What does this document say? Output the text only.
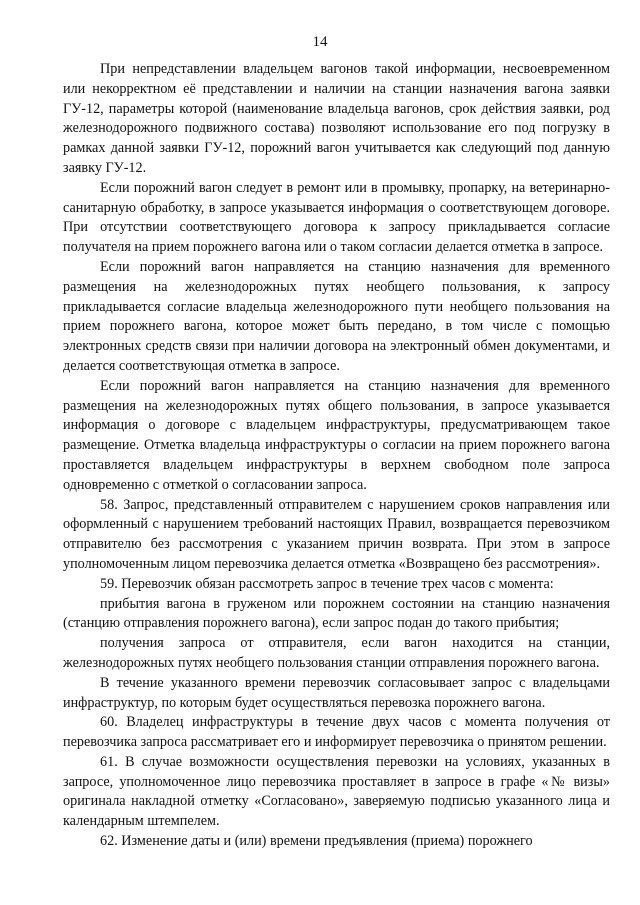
14

При непредставлении владельцем вагонов такой информации, несвоевременном или некорректном её представлении и наличии на станции назначения вагона заявки ГУ-12, параметры которой (наименование владельца вагонов, срок действия заявки, род железнодорожного подвижного состава) позволяют использование его под погрузку в рамках данной заявки ГУ-12, порожний вагон учитывается как следующий под данную заявку ГУ-12.

Если порожний вагон следует в ремонт или в промывку, пропарку, на ветеринарно-санитарную обработку, в запросе указывается информация о соответствующем договоре. При отсутствии соответствующего договора к запросу прикладывается согласие получателя на прием порожнего вагона или о таком согласии делается отметка в запросе.

Если порожний вагон направляется на станцию назначения для временного размещения на железнодорожных путях необщего пользования, к запросу прикладывается согласие владельца железнодорожного пути необщего пользования на прием порожнего вагона, которое может быть передано, в том числе с помощью электронных средств связи при наличии договора на электронный обмен документами, и делается соответствующая отметка в запросе.

Если порожний вагон направляется на станцию назначения для временного размещения на железнодорожных путях общего пользования, в запросе указывается информация о договоре с владельцем инфраструктуры, предусматривающем такое размещение. Отметка владельца инфраструктуры о согласии на прием порожнего вагона проставляется владельцем инфраструктуры в верхнем свободном поле запроса одновременно с отметкой о согласовании запроса.

58. Запрос, представленный отправителем с нарушением сроков направления или оформленный с нарушением требований настоящих Правил, возвращается перевозчиком отправителю без рассмотрения с указанием причин возврата. При этом в запросе уполномоченным лицом перевозчика делается отметка «Возвращено без рассмотрения».

59. Перевозчик обязан рассмотреть запрос в течение трех часов с момента:

прибытия вагона в груженом или порожнем состоянии на станцию назначения (станцию отправления порожнего вагона), если запрос подан до такого прибытия;

получения запроса от отправителя, если вагон находится на станции, железнодорожных путях необщего пользования станции отправления порожнего вагона.

В течение указанного времени перевозчик согласовывает запрос с владельцами инфраструктур, по которым будет осуществляться перевозка порожнего вагона.

60. Владелец инфраструктуры в течение двух часов с момента получения от перевозчика запроса рассматривает его и информирует перевозчика о принятом решении.

61. В случае возможности осуществления перевозки на условиях, указанных в запросе, уполномоченное лицо перевозчика проставляет в запросе в графе «№ визы» оригинала накладной отметку «Согласовано», заверяемую подписью указанного лица и календарным штемпелем.

62. Изменение даты и (или) времени предъявления (приема) порожнего
